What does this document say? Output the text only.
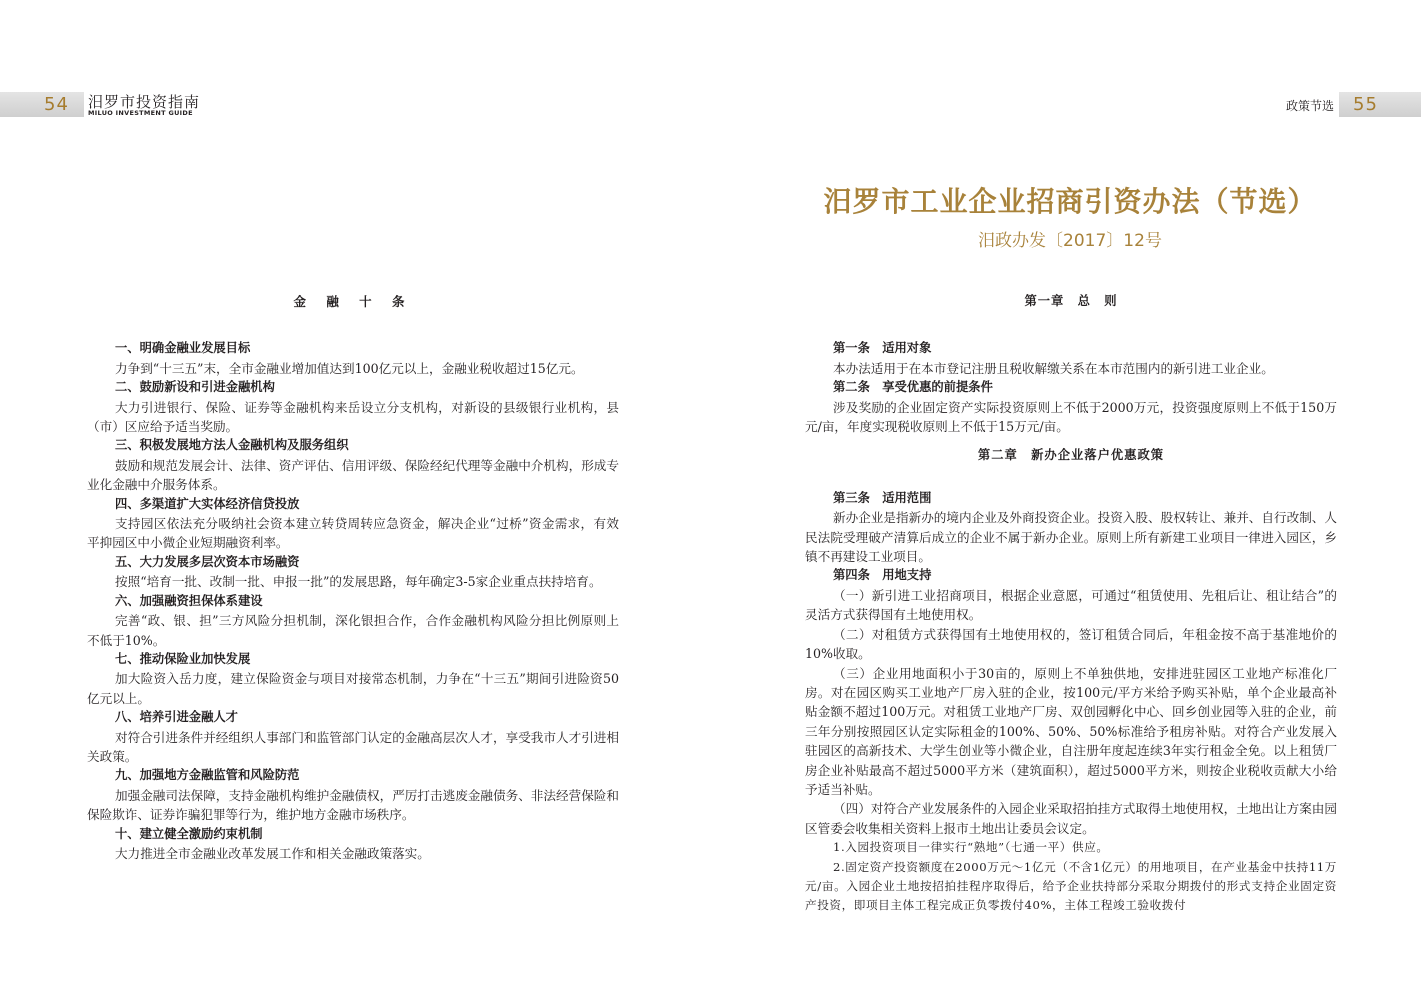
54 汨罗市投资指南
MILUO INVESTMENT GUIDE	政策节选 55
汨罗市工业企业招商引资办法（节选）
汨政办发〔2017〕12号
金 融 十 条
一、明确金融业发展目标

力争到“十三五”末，全市金融业增加值达到100亿元以上，金融业税收超过15亿元。

二、鼓励新设和引进金融机构

大力引进银行、保险、证券等金融机构来岳设立分支机构，对新设的县级银行业机构，县（市）区应给予适当奖励。

三、积极发展地方法人金融机构及服务组织

鼓励和规范发展会计、法律、资产评估、信用评级、保险经纪代理等金融中介机构，形成专业化金融中介服务体系。

四、多渠道扩大实体经济信贷投放

支持园区依法充分吸纳社会资本建立转贷周转应急资金，解决企业“过桥”资金需求，有效平抑园区中小微企业短期融资利率。

五、大力发展多层次资本市场融资

按照“培育一批、改制一批、申报一批”的发展思路，每年确定3-5家企业重点扶持培育。

六、加强融资担保体系建设

完善“政、银、担”三方风险分担机制，深化银担合作，合作金融机构风险分担比例原则上不低于10%。

七、推动保险业加快发展

加大险资入岳力度，建立保险资金与项目对接常态机制，力争在“十三五”期间引进险资50亿元以上。

八、培养引进金融人才

对符合引进条件并经组织人事部门和监管部门认定的金融高层次人才，享受我市人才引进相关政策。

九、加强地方金融监管和风险防范

加强金融司法保障，支持金融机构维护金融债权，严厉打击逃废金融债务、非法经营保险和保险欺诈、证券诈骗犯罪等行为，维护地方金融市场秩序。

十、建立健全激励约束机制

大力推进全市金融业改革发展工作和相关金融政策落实。

第一章　总　则
第一条　适用对象

本办法适用于在本市登记注册且税收解缴关系在本市范围内的新引进工业企业。

第二条　享受优惠的前提条件

涉及奖励的企业固定资产实际投资原则上不低于2000万元，投资强度原则上不低于150万元/亩，年度实现税收原则上不低于15万元/亩。

第二章　新办企业落户优惠政策
第三条　适用范围

新办企业是指新办的境内企业及外商投资企业。投资入股、股权转让、兼并、自行改制、人民法院受理破产清算后成立的企业不属于新办企业。原则上所有新建工业项目一律进入园区，乡镇不再建设工业项目。

第四条　用地支持

（一）新引进工业招商项目，根据企业意愿，可通过“租赁使用、先租后让、租让结合”的灵活方式获得国有土地使用权。

（二）对租赁方式获得国有土地使用权的，签订租赁合同后，年租金按不高于基准地价的10%收取。

（三）企业用地面积小于30亩的，原则上不单独供地，安排进驻园区工业地产标准化厂房。对在园区购买工业地产厂房入驻的企业，按100元/平方米给予购买补贴，单个企业最高补贴金额不超过100万元。对租赁工业地产厂房、双创园孵化中心、回乡创业园等入驻的企业，前三年分别按照园区认定实际租金的100%、50%、50%标准给予租房补贴。对符合产业发展入驻园区的高新技术、大学生创业等小微企业，自注册年度起连续3年实行租金全免。以上租赁厂房企业补贴最高不超过5000平方米（建筑面积），超过5000平方米，则按企业税收贡献大小给予适当补贴。

（四）对符合产业发展条件的入园企业采取招拍挂方式取得土地使用权，土地出让方案由园区管委会收集相关资料上报市土地出让委员会议定。

1.入园投资项目一律实行“熟地”（七通一平）供应。

2.固定资产投资额度在2000万元～1亿元（不含1亿元）的用地项目，在产业基金中扶持11万元/亩。入园企业土地按招拍挂程序取得后，给予企业扶持部分采取分期拨付的形式支持企业固定资产投资，即项目主体工程完成正负零拨付40%，主体工程竣工验收拨付
